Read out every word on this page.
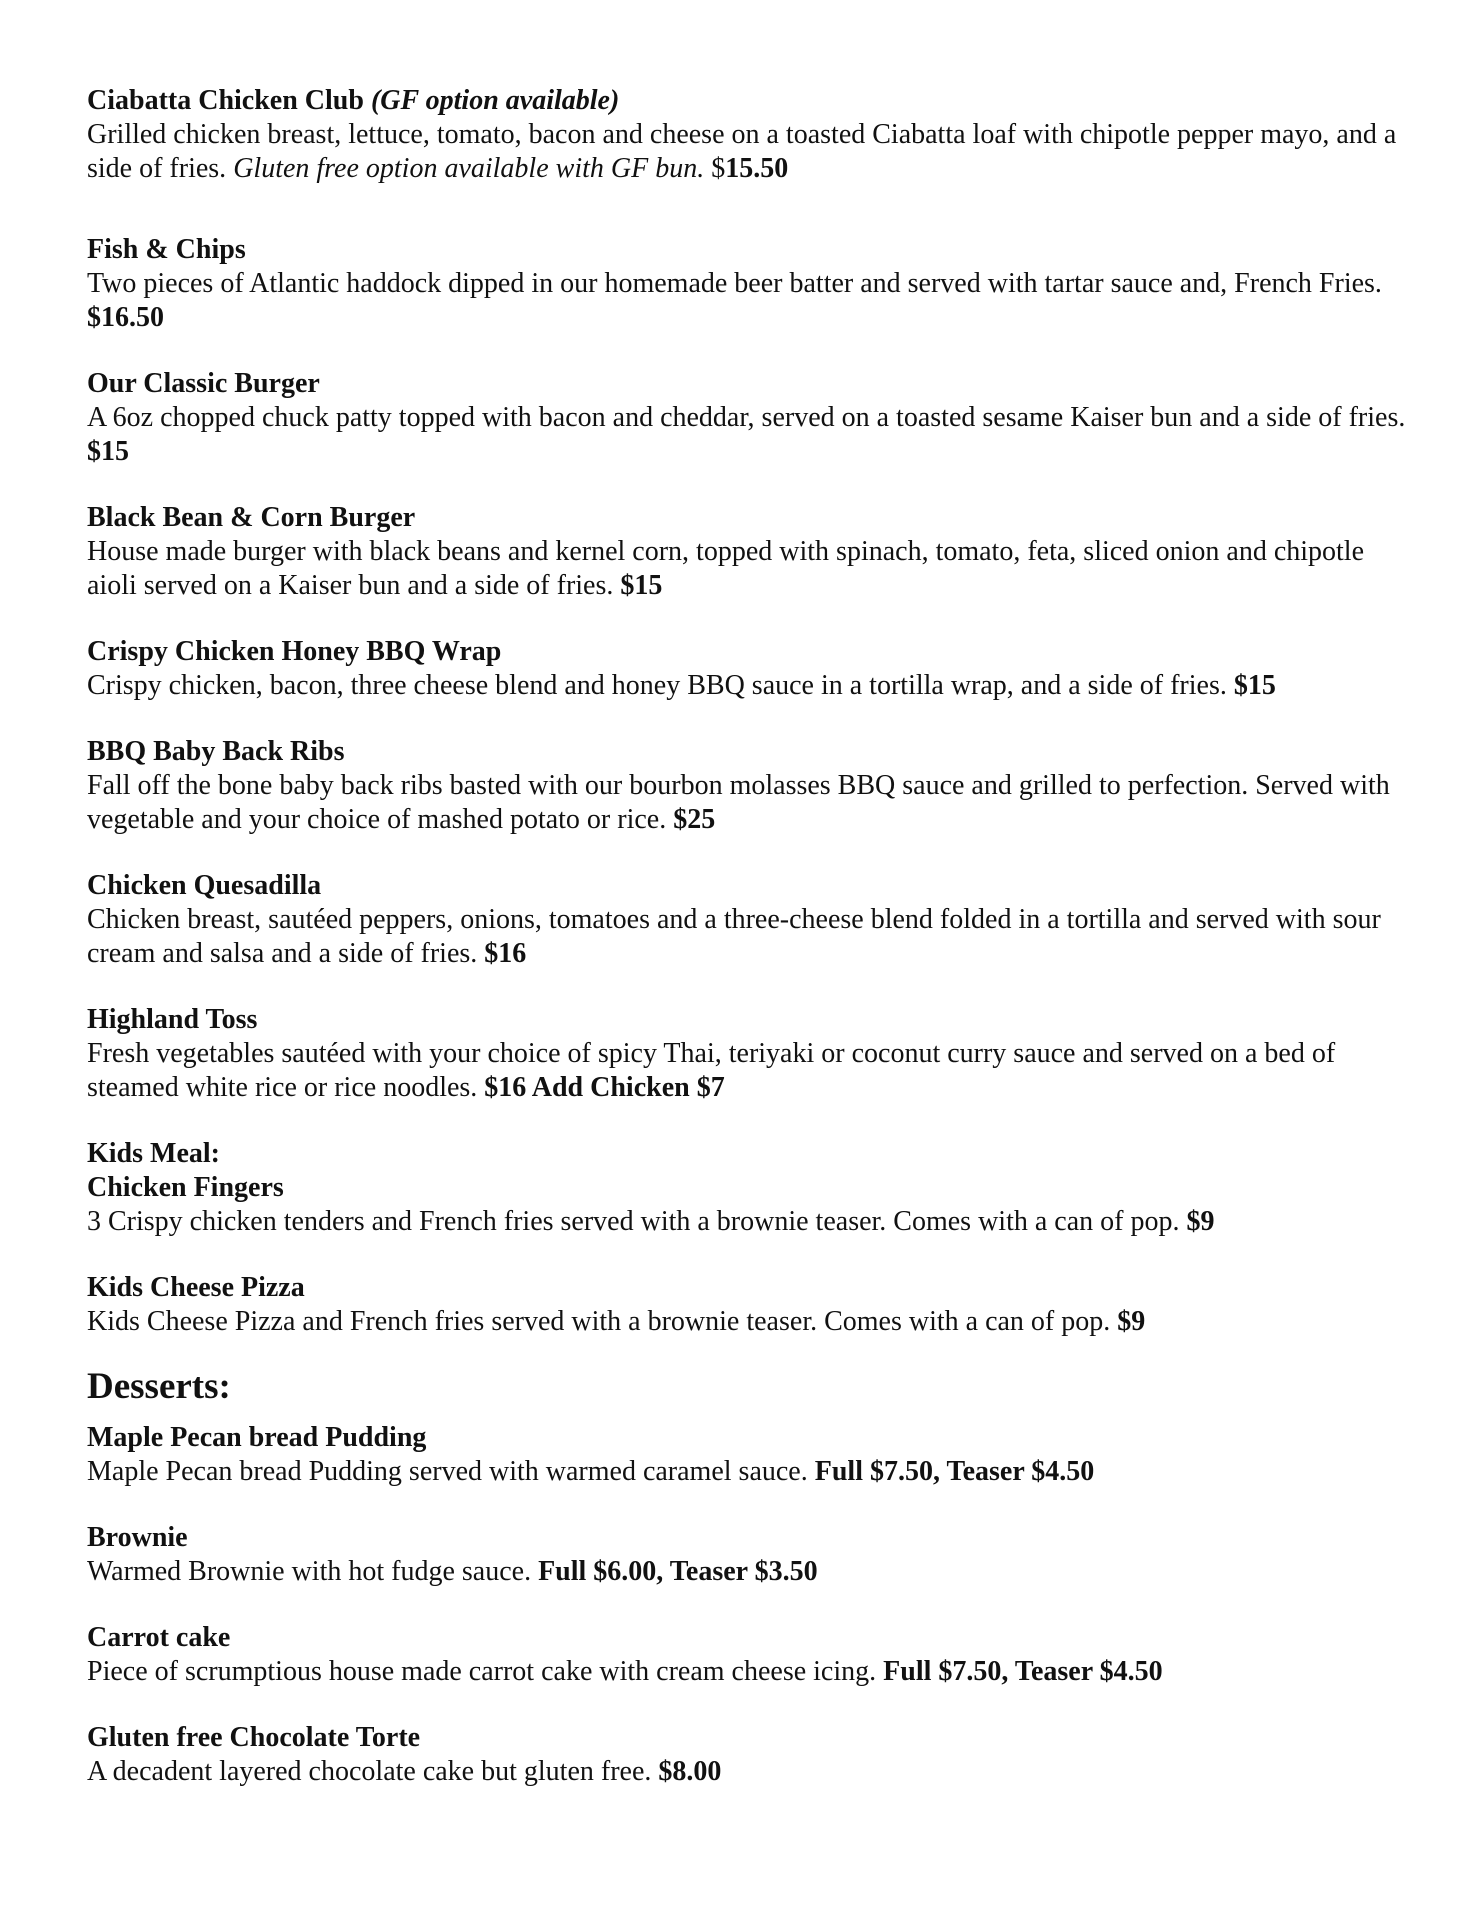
Ciabatta Chicken Club (GF option available)
Grilled chicken breast, lettuce, tomato, bacon and cheese on a toasted Ciabatta loaf with chipotle pepper mayo, and a side of fries. Gluten free option available with GF bun. $15.50
Fish & Chips
Two pieces of Atlantic haddock dipped in our homemade beer batter and served with tartar sauce and, French Fries. $16.50
Our Classic Burger
A 6oz chopped chuck patty topped with bacon and cheddar, served on a toasted sesame Kaiser bun and a side of fries. $15
Black Bean & Corn Burger
House made burger with black beans and kernel corn, topped with spinach, tomato, feta, sliced onion and chipotle aioli served on a Kaiser bun and a side of fries. $15
Crispy Chicken Honey BBQ Wrap
Crispy chicken, bacon, three cheese blend and honey BBQ sauce in a tortilla wrap, and a side of fries. $15
BBQ Baby Back Ribs
Fall off the bone baby back ribs basted with our bourbon molasses BBQ sauce and grilled to perfection. Served with vegetable and your choice of mashed potato or rice. $25
Chicken Quesadilla
Chicken breast, sautéed peppers, onions, tomatoes and a three-cheese blend folded in a tortilla and served with sour cream and salsa and a side of fries. $16
Highland Toss
Fresh vegetables sautéed with your choice of spicy Thai, teriyaki or coconut curry sauce and served on a bed of steamed white rice or rice noodles. $16 Add Chicken $7
Kids Meal:
Chicken Fingers
3 Crispy chicken tenders and French fries served with a brownie teaser. Comes with a can of pop. $9
Kids Cheese Pizza
Kids Cheese Pizza and French fries served with a brownie teaser. Comes with a can of pop. $9
Desserts:
Maple Pecan bread Pudding
Maple Pecan bread Pudding served with warmed caramel sauce. Full $7.50, Teaser $4.50
Brownie
Warmed Brownie with hot fudge sauce. Full $6.00, Teaser $3.50
Carrot cake
Piece of scrumptious house made carrot cake with cream cheese icing. Full $7.50, Teaser $4.50
Gluten free Chocolate Torte
A decadent layered chocolate cake but gluten free. $8.00
